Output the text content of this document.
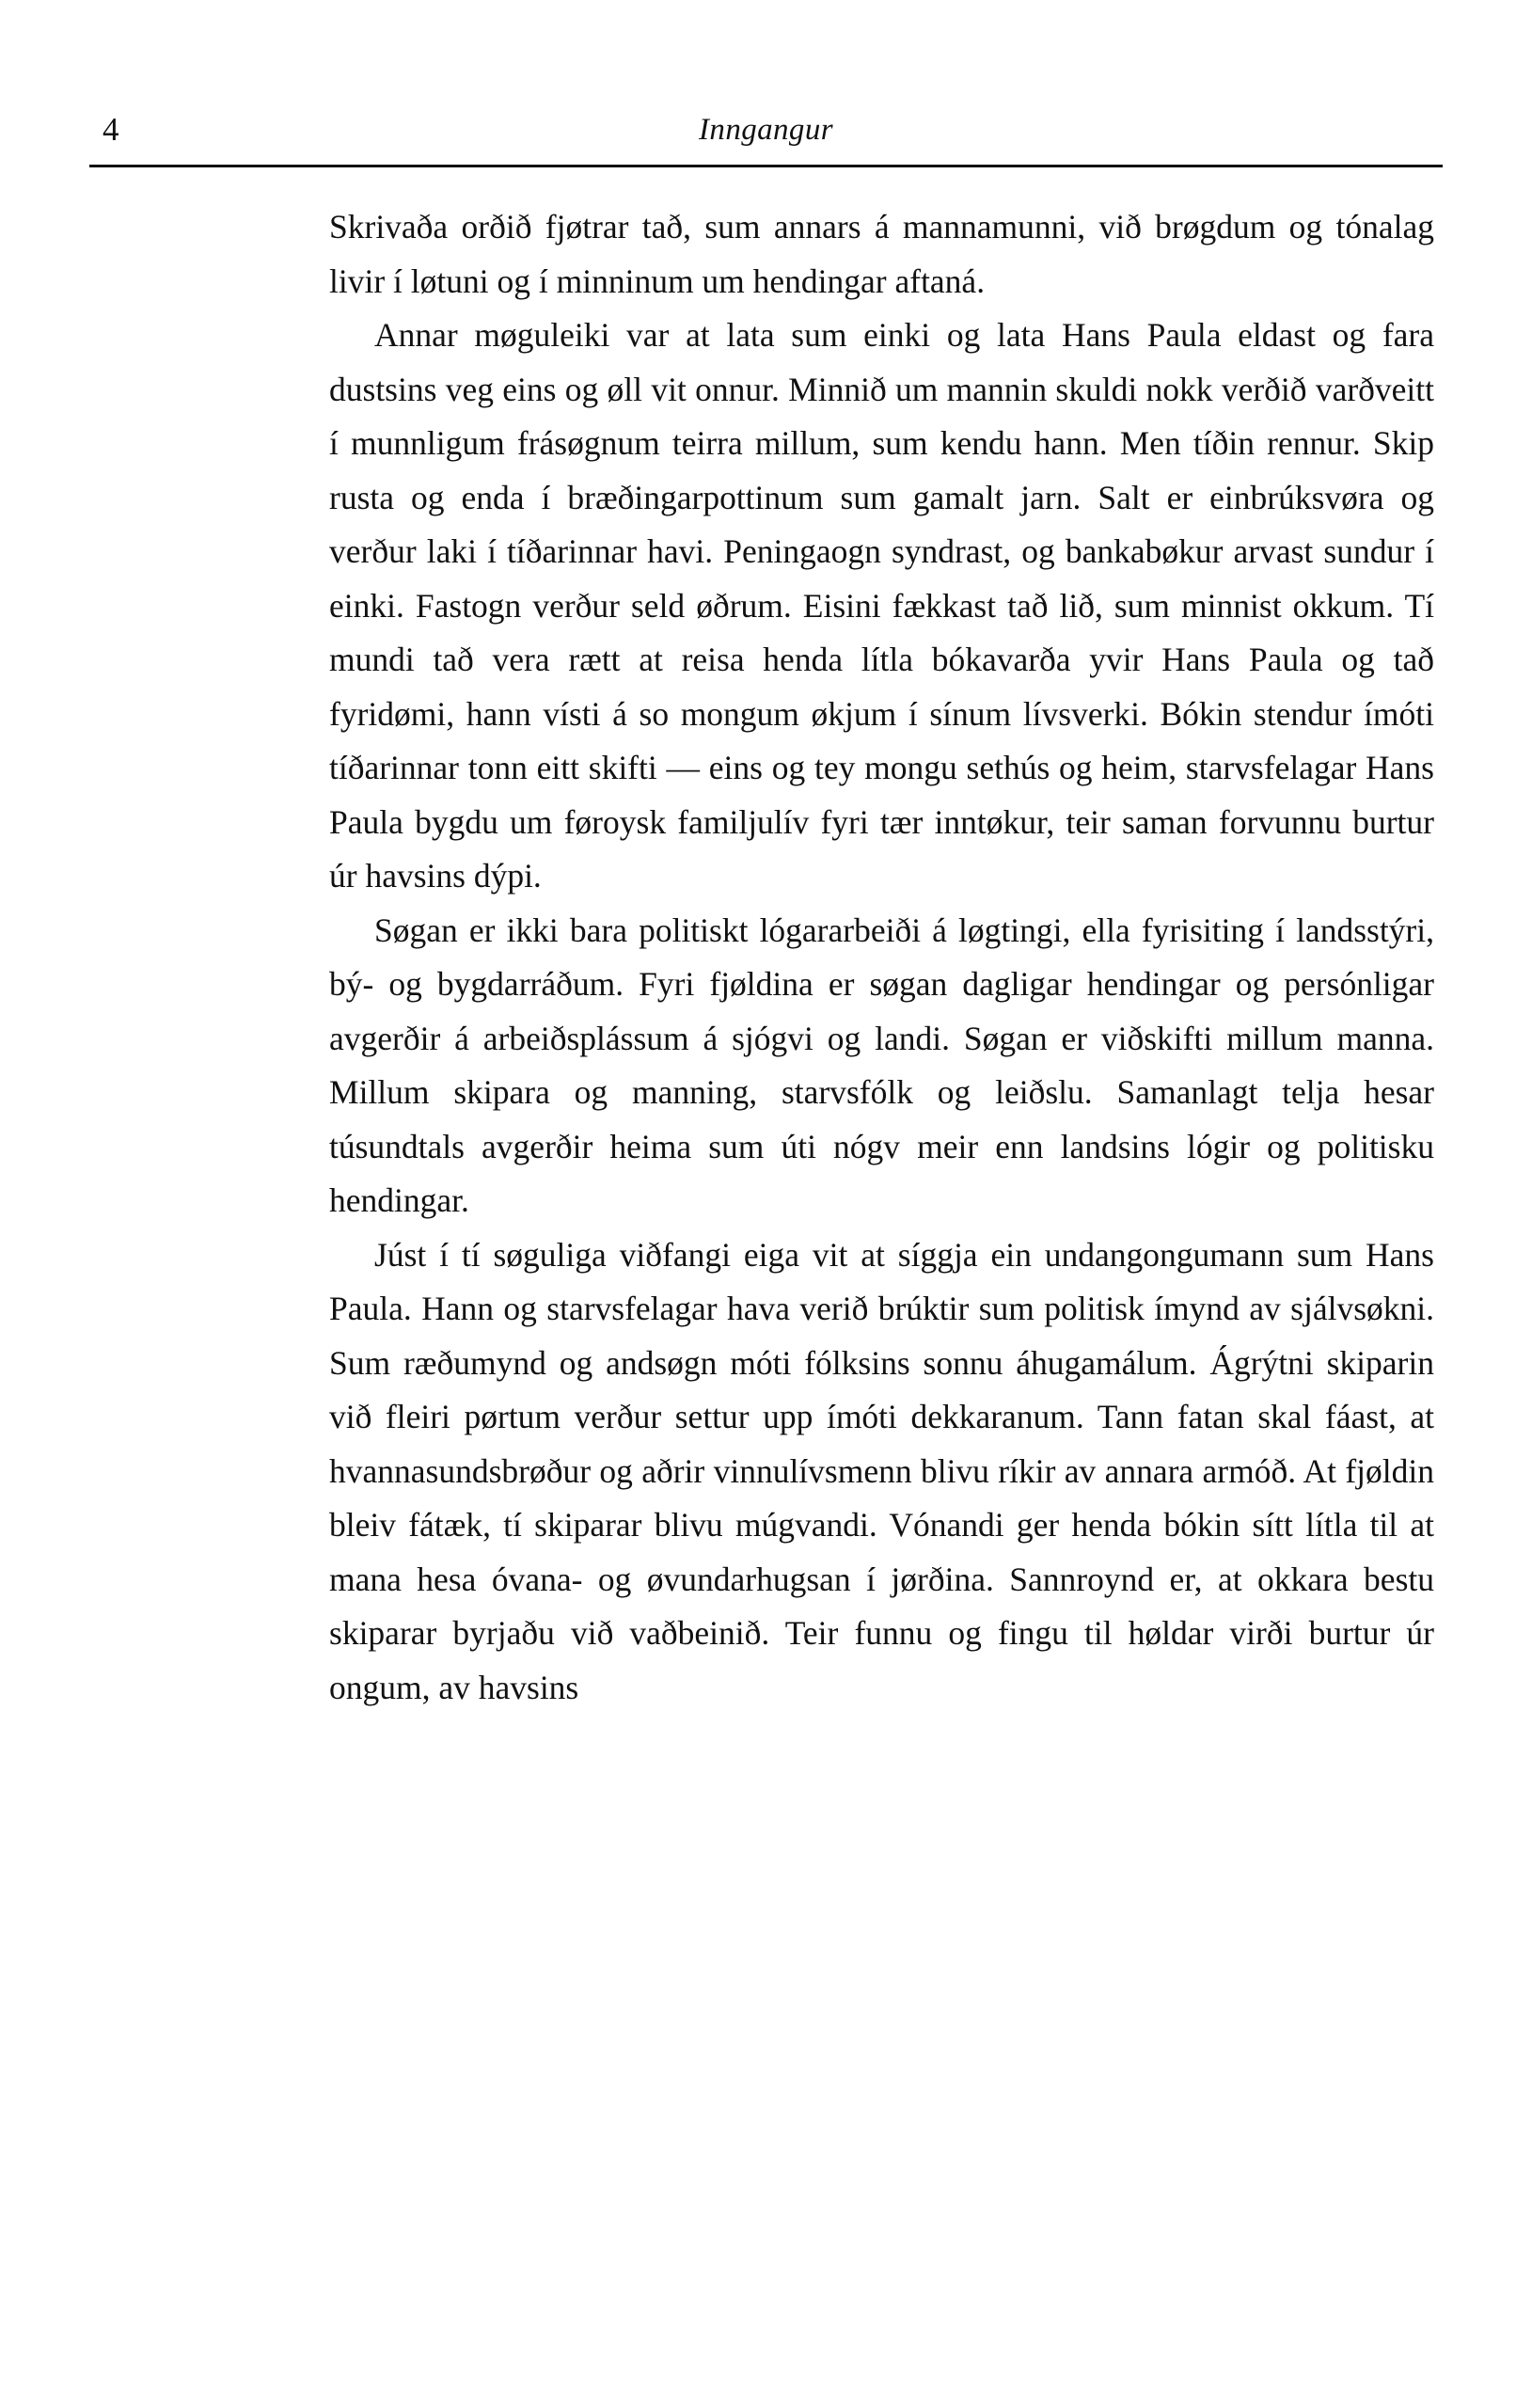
4	Inngangur

Skrivaða orðið fjøtrar tað, sum annars á mannamunni, við brøgdum og tónalag livir í løtuni og í minninum um hendingar aftaná.

Annar møguleiki var at lata sum einki og lata Hans Paula eldast og fara dustsins veg eins og øll vit onnur. Minnið um mannin skuldi nokk verðið varðveitt í munnligum frásøgnum teirra millum, sum kendu hann. Men tíðin rennur. Skip rusta og enda í bræðingarpottinum sum gamalt jarn. Salt er einbrúksvøra og verður laki í tíðarinnar havi. Peningaogn syndrast, og bankabøkur arvast sundur í einki. Fastogn verður seld øðrum. Eisini fækkast tað lið, sum minnist okkum. Tí mundi tað vera rætt at reisa henda lítla bókavarða yvir Hans Paula og tað fyridømi, hann vísti á so mongum økjum í sínum lívsverki. Bókin stendur ímóti tíðarinnar tonn eitt skifti — eins og tey mongu sethús og heim, starvsfelagar Hans Paula bygdu um føroysk familjulív fyri tær inntøkur, teir saman forvunnu burtur úr havsins dýpi.

Søgan er ikki bara politiskt lógararbeiði á løgtingi, ella fyrisiting í landsstýri, bý- og bygdarráðum. Fyri fjøldina er søgan dagligar hendingar og persónligar avgerðir á arbeiðsplássum á sjógvi og landi. Søgan er viðskifti millum manna. Millum skipara og manning, starvsfólk og leiðslu. Samanlagt telja hesar túsundtals avgerðir heima sum úti nógv meir enn landsins lógir og politisku hendingar.

Júst í tí søguliga viðfangi eiga vit at síggja ein undangongumann sum Hans Paula. Hann og starvsfelagar hava verið brúktir sum politisk ímynd av sjálvsøkni. Sum ræðumynd og andsøgn móti fólksins sonnu áhugamálum. Ágrýtni skiparin við fleiri pørtum verður settur upp ímóti dekkaranum. Tann fatan skal fáast, at hvannasundsbrøður og aðrir vinnulívsmenn blivu ríkir av annara armóð. At fjøldin bleiv fátæk, tí skiparar blivu múgvandi. Vónandi ger henda bókin sítt lítla til at mana hesa óvana- og øvundarhugsan í jørðina. Sannroynd er, at okkara bestu skiparar byrjaðu við vaðbeinið. Teir funnu og fingu til høldar virði burtur úr ongum, av havsins
